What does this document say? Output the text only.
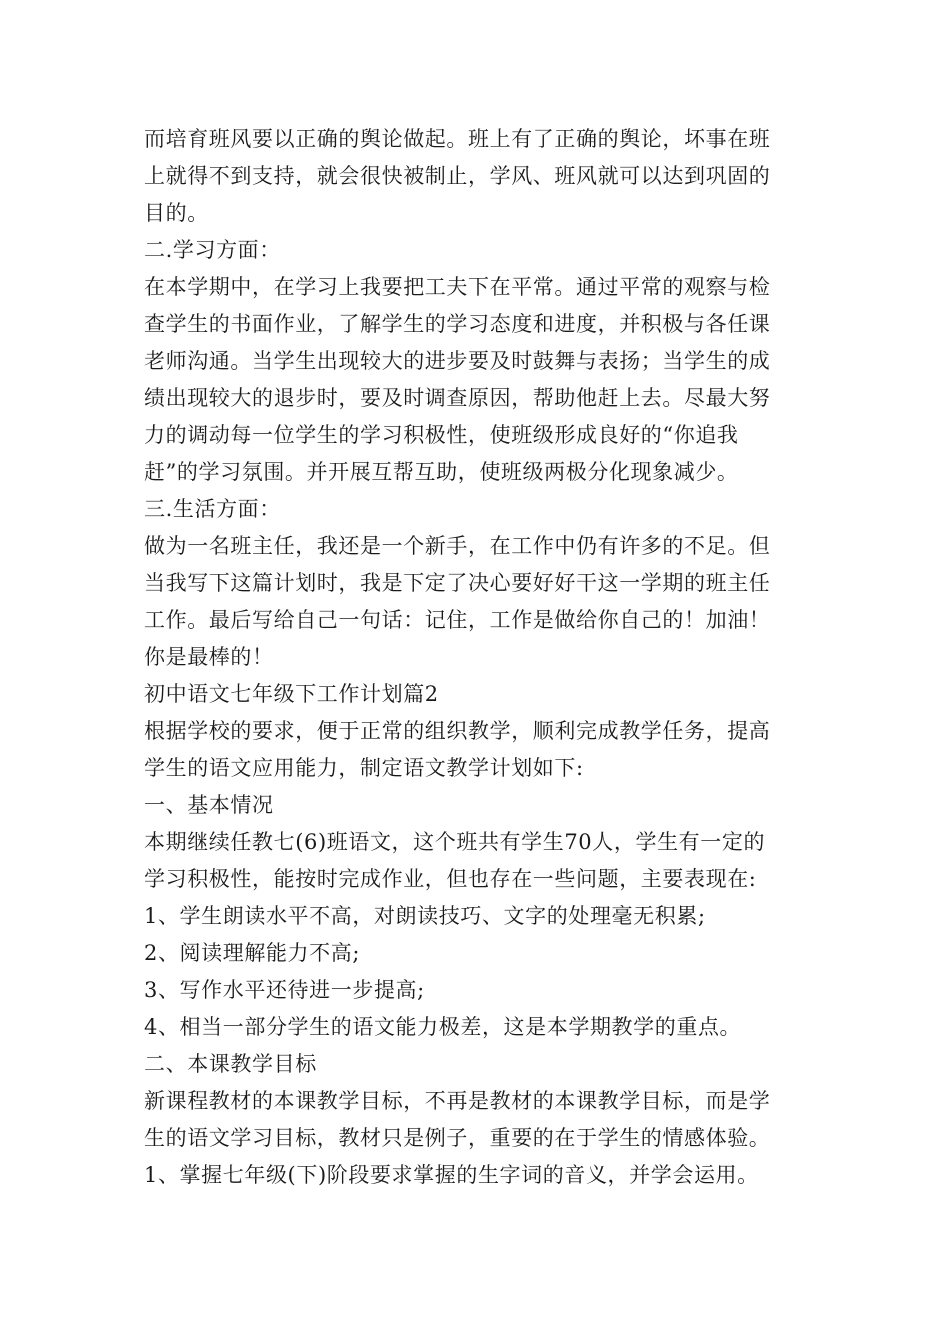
而培育班风要以正确的舆论做起。班上有了正确的舆论，坏事在班
上就得不到支持，就会很快被制止，学风、班风就可以达到巩固的
目的。
二.学习方面：
在本学期中，在学习上我要把工夫下在平常。通过平常的观察与检
查学生的书面作业，了解学生的学习态度和进度，并积极与各任课
老师沟通。当学生出现较大的进步要及时鼓舞与表扬；当学生的成
绩出现较大的退步时，要及时调查原因，帮助他赶上去。尽最大努
力的调动每一位学生的学习积极性，使班级形成良好的“你追我
赶”的学习氛围。并开展互帮互助，使班级两极分化现象减少。
三.生活方面：
做为一名班主任，我还是一个新手，在工作中仍有许多的不足。但
当我写下这篇计划时，我是下定了决心要好好干这一学期的班主任
工作。最后写给自己一句话：记住，工作是做给你自己的！加油！
你是最棒的！
初中语文七年级下工作计划篇2
根据学校的要求，便于正常的组织教学，顺利完成教学任务，提高
学生的语文应用能力，制定语文教学计划如下:
一、基本情况
本期继续任教七(6)班语文，这个班共有学生70人，学生有一定的
学习积极性，能按时完成作业，但也存在一些问题，主要表现在:
1、学生朗读水平不高，对朗读技巧、文字的处理毫无积累;
2、阅读理解能力不高;
3、写作水平还待进一步提高;
4、相当一部分学生的语文能力极差，这是本学期教学的重点。
二、本课教学目标
新课程教材的本课教学目标，不再是教材的本课教学目标，而是学
生的语文学习目标，教材只是例子，重要的在于学生的情感体验。
1、掌握七年级(下)阶段要求掌握的生字词的音义，并学会运用。
